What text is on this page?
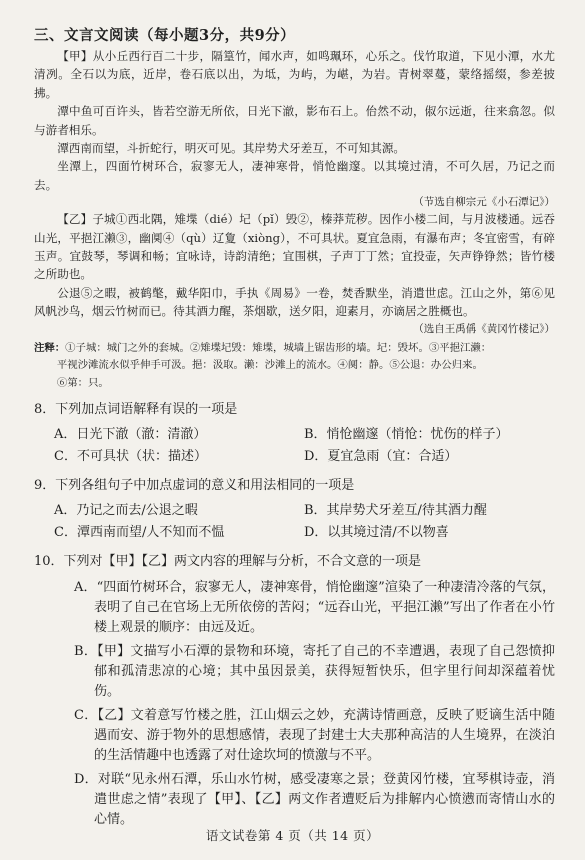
三、文言文阅读（每小题3分，共9分）

【甲】从小丘西行百二十步，隔篁竹，闻水声，如鸣珮环，心乐之。伐竹取道，下见小潭，水尤清冽。全石以为底，近岸，卷石底以出，为坻，为屿，为嵁，为岩。青树翠蔓，蒙络摇缀，参差披拂。

潭中鱼可百许头，皆若空游无所依，日光下澈，影布石上。佁然不动，俶尔远逝，往来翕忽。似与游者相乐。

潭西南而望，斗折蛇行，明灭可见。其岸势犬牙差互，不可知其源。

坐潭上，四面竹树环合，寂寥无人，凄神寒骨，悄怆幽邃。以其境过清，不可久居，乃记之而去。

（节选自柳宗元《小石潭记》）

【乙】子城①西北隅，雉堞（dié）圮（pǐ）毁②，榛莽荒秽。因作小楼二间，与月波楼通。远吞山光，平挹江濑③，幽阒④（qù）辽夐（xiòng），不可具状。夏宜急雨，有瀑布声；冬宜密雪，有碎玉声。宜鼓琴，琴调和畅；宜咏诗，诗韵清绝；宜围棋，子声丁丁然；宜投壶，矢声铮铮然；皆竹楼之所助也。

公退⑤之暇，被鹤氅，戴华阳巾，手执《周易》一卷，焚香默坐，消遣世虑。江山之外，第⑥见风帆沙鸟，烟云竹树而已。待其酒力醒，茶烟歇，送夕阳，迎素月，亦谪居之胜概也。

（选自王禹偁《黄冈竹楼记》）

注释：①子城：城门之外的套城。②雉堞圮毁：雉堞，城墙上锯齿形的墙。圮：毁坏。③平挹江濑：
平视沙滩流水似乎伸手可汲。挹：汲取。濑：沙滩上的流水。④阒：静。⑤公退：办公归来。
⑥第：只。

8．下列加点词语解释有误的一项是

A．日光下澈（澈：清澈）	B．悄怆幽邃（悄怆：忧伤的样子）
C．不可具状（状：描述）	D．夏宜急雨（宜：合适）

9．下列各组句子中加点虚词的意义和用法相同的一项是

A．乃记之而去/公退之暇	B．其岸势犬牙差互/待其酒力醒
C．潭西南而望/人不知而不愠	D．以其境过清/不以物喜

10．下列对【甲】【乙】两文内容的理解与分析，不合文意的一项是

A．“四面竹树环合，寂寥无人，凄神寒骨，悄怆幽邃”渲染了一种凄清冷落的气氛，表明了自己在官场上无所依傍的苦闷；“远吞山光，平挹江濑”写出了作者在小竹楼上观景的顺序：由远及近。

B．【甲】文描写小石潭的景物和环境，寄托了自己的不幸遭遇，表现了自己怨愤抑郁和孤清悲凉的心境；其中虽因景美，获得短暂快乐，但字里行间却深蕴着忧伤。

C．【乙】文着意写竹楼之胜，江山烟云之妙，充满诗情画意，反映了贬谪生活中随遇而安、游于物外的思想感情，表现了封建士大夫那种高洁的人生境界，在淡泊的生活情趣中也透露了对仕途坎坷的愤激与不平。

D．对联“见永州石潭，乐山水竹树，感受凄寒之景；登黄冈竹楼，宜琴棋诗壶，消遣世虑之情”表现了【甲】、【乙】两文作者遭贬后为排解内心愤懑而寄情山水的心情。

语文试卷第 4 页（共 14 页）
